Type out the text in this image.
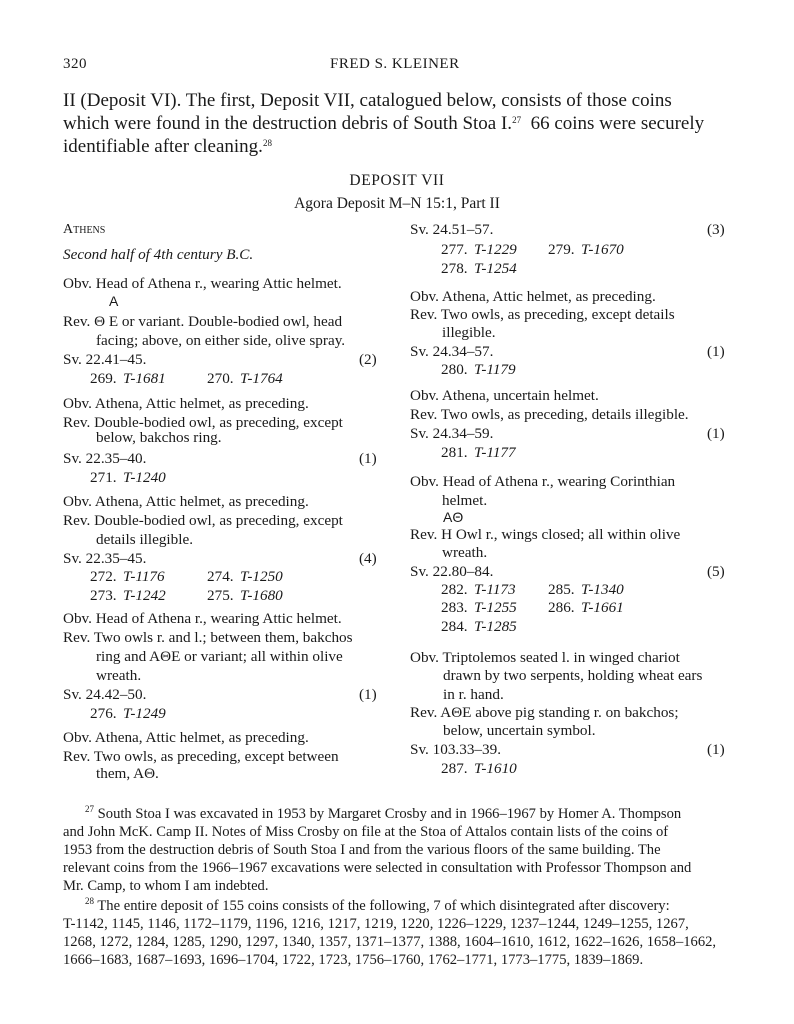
320	FRED S. KLEINER
II (Deposit VI). The first, Deposit VII, catalogued below, consists of those coins
which were found in the destruction debris of South Stoa I.$^{27}$ 66 coins were securely
identifiable after cleaning.$^{28}$
DEPOSIT VII
Agora Deposit M–N 15:1, Part II
Athens
Second half of 4th century B.C.
Obv. Head of Athena r., wearing Attic helmet.
A
Rev. Θ E or variant. Double-bodied owl, head
facing; above, on either side, olive spray.
Sv. 22.41–45.	(2)
269. T-1681	270. T-1764
Obv. Athena, Attic helmet, as preceding.
Rev. Double-bodied owl, as preceding, except
below, bakchos ring.
Sv. 22.35–40.	(1)
271. T-1240
Obv. Athena, Attic helmet, as preceding.
Rev. Double-bodied owl, as preceding, except
details illegible.
Sv. 22.35–45.	(4)
272. T-1176	274. T-1250
273. T-1242	275. T-1680
Obv. Head of Athena r., wearing Attic helmet.
Rev. Two owls r. and l.; between them, bakchos
ring and AΘE or variant; all within olive
wreath.
Sv. 24.42–50.	(1)
276. T-1249
Obv. Athena, Attic helmet, as preceding.
Rev. Two owls, as preceding, except between
them, AΘ.
Sv. 24.51–57.	(3)
277. T-1229 279. T-1670
278. T-1254
Obv. Athena, Attic helmet, as preceding.
Rev. Two owls, as preceding, except details
illegible.
Sv. 24.34–57.	(1)
280. T-1179
Obv. Athena, uncertain helmet.
Rev. Two owls, as preceding, details illegible.
Sv. 24.34–59.	(1)
281. T-1177
Obv. Head of Athena r., wearing Corinthian
helmet.
AΘ
Rev. H Owl r., wings closed; all within olive
wreath.
Sv. 22.80–84.	(5)
282. T-1173 285. T-1340
283. T-1255 286. T-1661
284. T-1285
Obv. Triptolemos seated l. in winged chariot
drawn by two serpents, holding wheat ears
in r. hand.
Rev. AΘE above pig standing r. on bakchos;
below, uncertain symbol.
Sv. 103.33–39.	(1)
287. T-1610
$^{27}$ South Stoa I was excavated in 1953 by Margaret Crosby and in 1966–1967 by Homer A. Thompson
and John McK. Camp II. Notes of Miss Crosby on file at the Stoa of Attalos contain lists of the coins of
1953 from the destruction debris of South Stoa I and from the various floors of the same building. The
relevant coins from the 1966–1967 excavations were selected in consultation with Professor Thompson and
Mr. Camp, to whom I am indebted.
$^{28}$ The entire deposit of 155 coins consists of the following, 7 of which disintegrated after discovery:
T-1142, 1145, 1146, 1172–1179, 1196, 1216, 1217, 1219, 1220, 1226–1229, 1237–1244, 1249–1255, 1267,
1268, 1272, 1284, 1285, 1290, 1297, 1340, 1357, 1371–1377, 1388, 1604–1610, 1612, 1622–1626, 1658–1662,
1666–1683, 1687–1693, 1696–1704, 1722, 1723, 1756–1760, 1762–1771, 1773–1775, 1839–1869.
